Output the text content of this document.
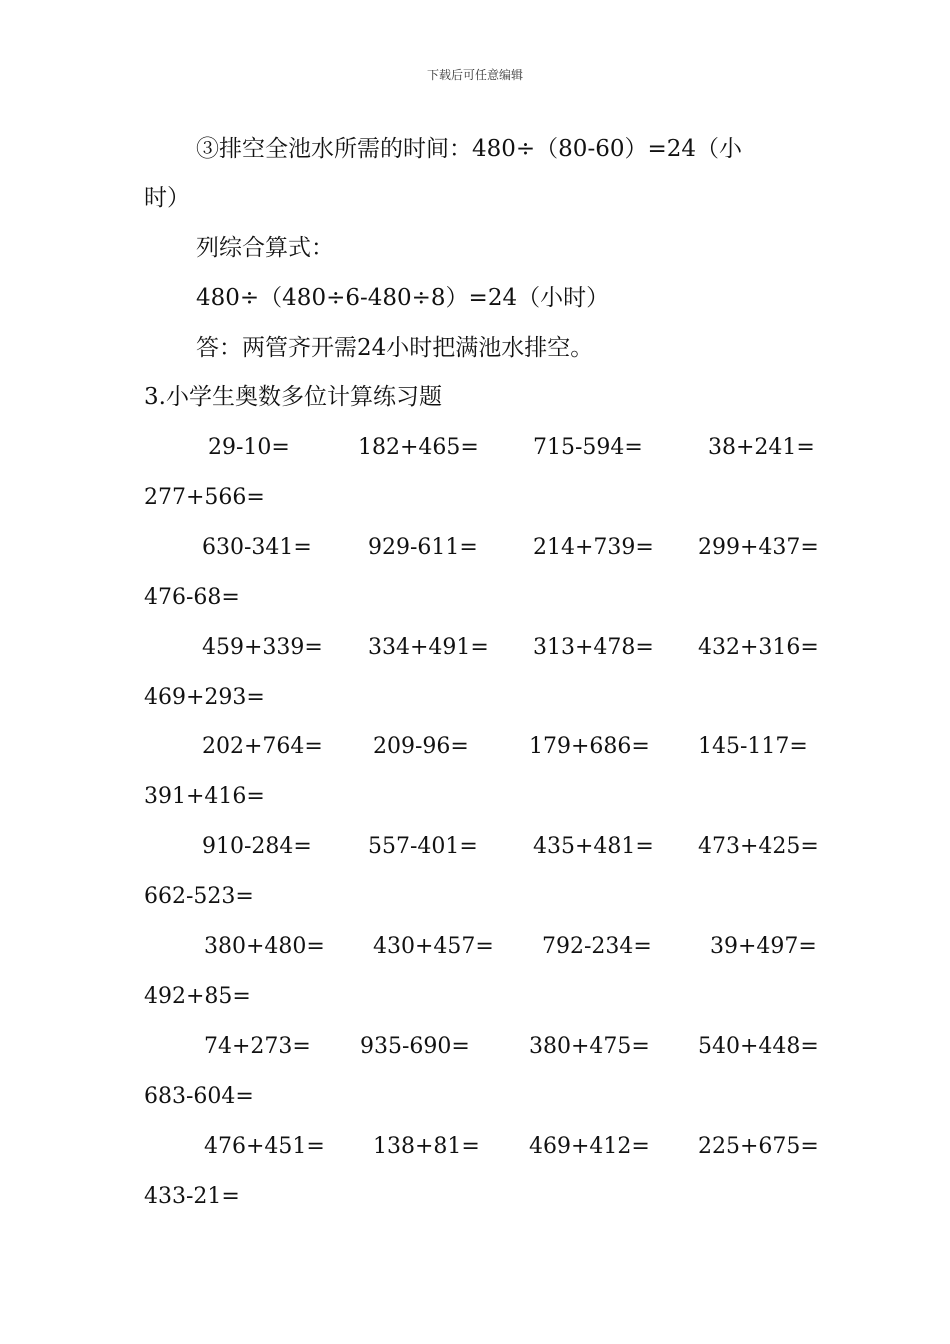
下载后可任意编辑
③排空全池水所需的时间：480÷（80-60）=24（小
时）
列综合算式：
480÷（480÷6-480÷8）=24（小时）
答：两管齐开需24小时把满池水排空。
3.小学生奥数多位计算练习题
29-10=	182+465= 715-594=	38+241=
277+566=
630-341=	929-611=	214+739= 299+437=
476-68=
459+339= 334+491= 313+478= 432+316=
469+293=
202+764= 209-96=	179+686= 145-117=
391+416=
910-284=	557-401=	435+481= 473+425=
662-523=
380+480= 430+457= 792-234=	39+497=
492+85=
74+273= 935-690=	380+475= 540+448=
683-604=
476+451= 138+81= 469+412= 225+675=
433-21=
